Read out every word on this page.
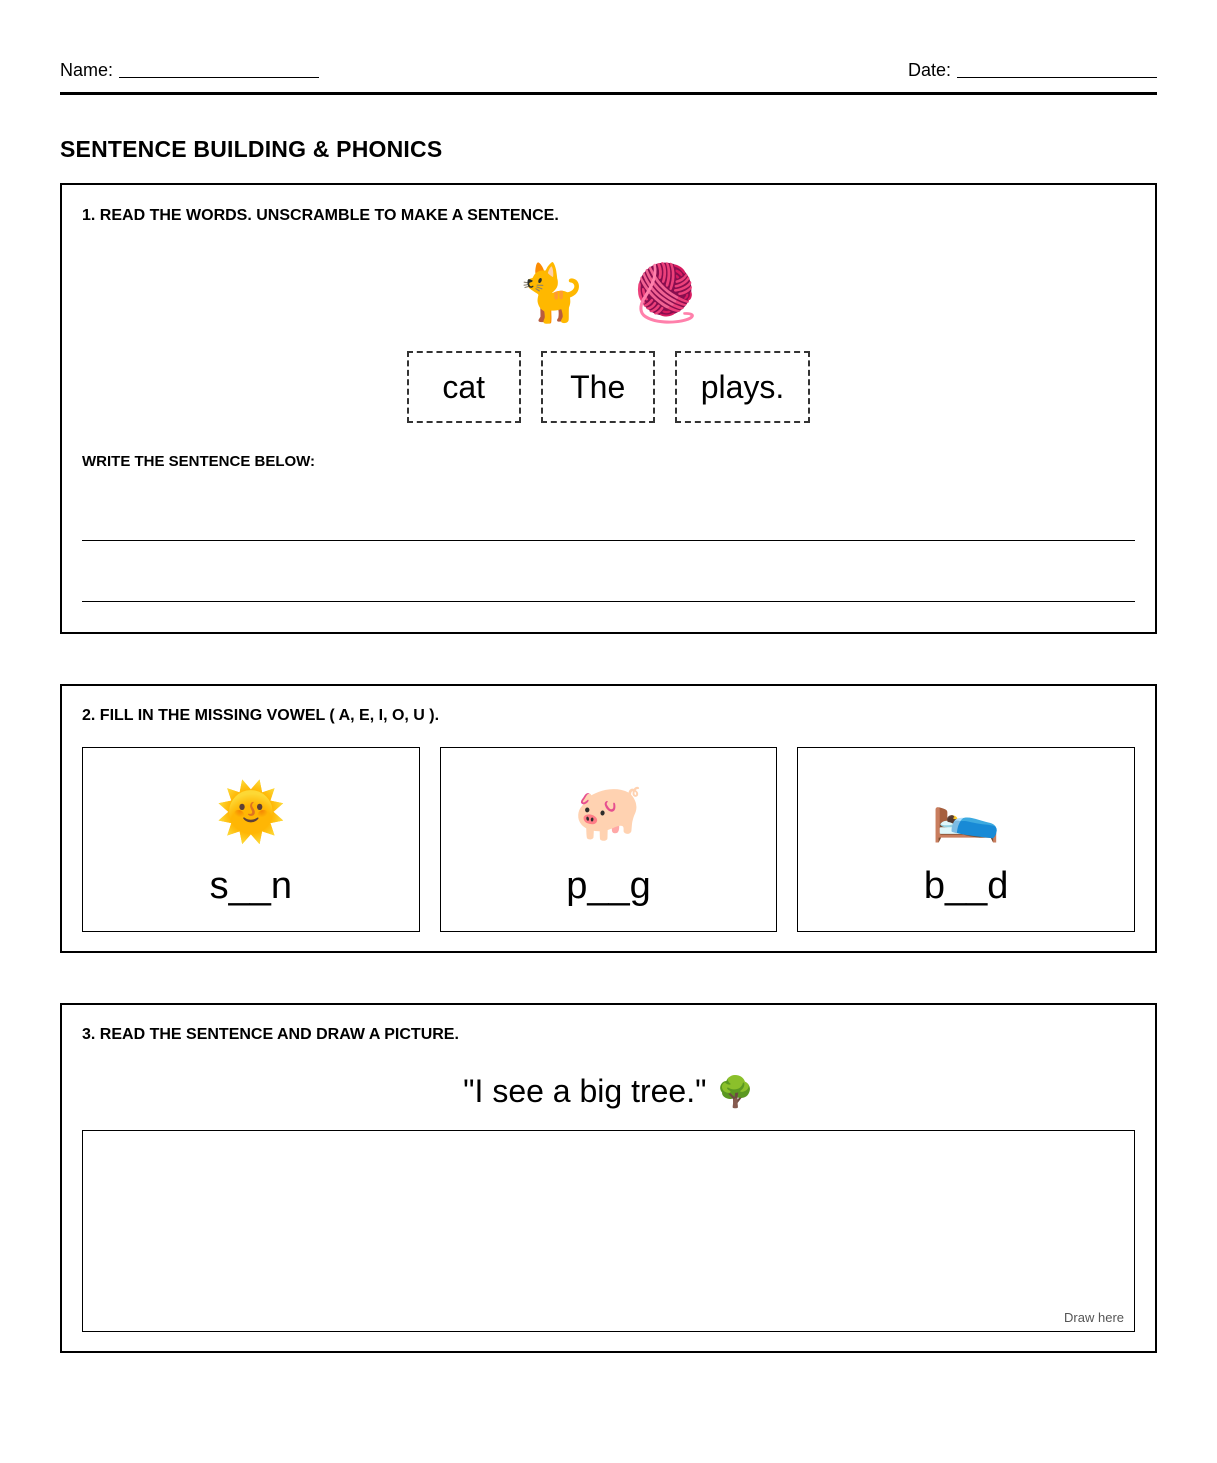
Name:	Date:
SENTENCE BUILDING & PHONICS
1. READ THE WORDS. UNSCRAMBLE TO MAKE A SENTENCE.
🐈 🧶
cat	The	plays.
WRITE THE SENTENCE BELOW:
2. FILL IN THE MISSING VOWEL ( A, E, I, O, U ).
🌞
s__n
🐖
p__g
🛌
b__d
3. READ THE SENTENCE AND DRAW A PICTURE.
"I see a big tree." 🌳
Draw here
